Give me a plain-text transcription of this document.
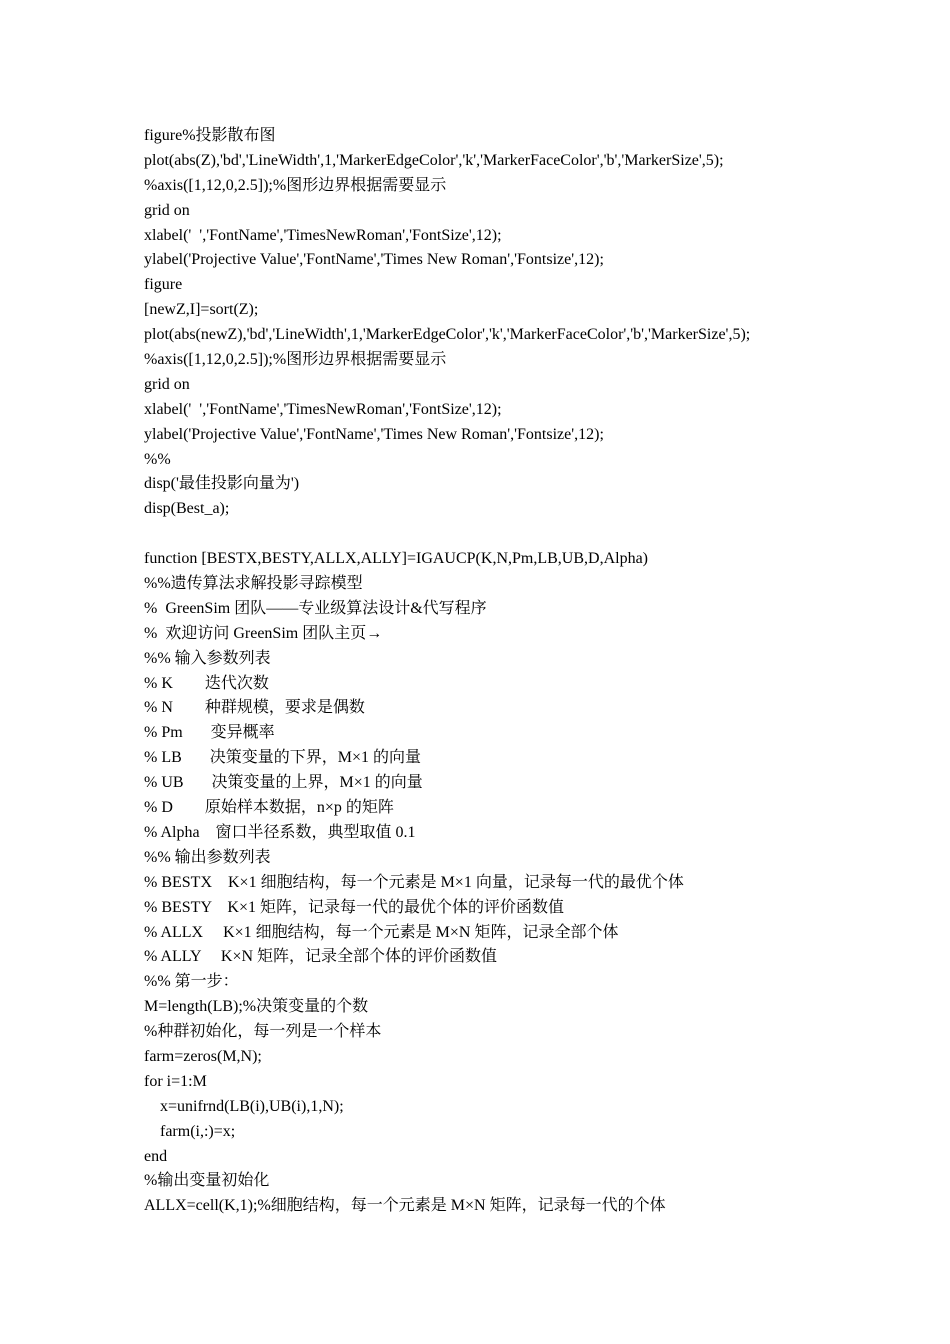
figure%投影散布图
plot(abs(Z),'bd','LineWidth',1,'MarkerEdgeColor','k','MarkerFaceColor','b','MarkerSize',5);
%axis([1,12,0,2.5]);%图形边界根据需要显示
grid on
xlabel('  ','FontName','TimesNewRoman','FontSize',12);
ylabel('Projective Value','FontName','Times New Roman','Fontsize',12);
figure
[newZ,I]=sort(Z);
plot(abs(newZ),'bd','LineWidth',1,'MarkerEdgeColor','k','MarkerFaceColor','b','MarkerSize',5);
%axis([1,12,0,2.5]);%图形边界根据需要显示
grid on
xlabel('  ','FontName','TimesNewRoman','FontSize',12);
ylabel('Projective Value','FontName','Times New Roman','Fontsize',12);
%%
disp('最佳投影向量为')
disp(Best_a);
function [BESTX,BESTY,ALLX,ALLY]=IGAUCP(K,N,Pm,LB,UB,D,Alpha)
%%遗传算法求解投影寻踪模型
%  GreenSim 团队——专业级算法设计&代写程序
%  欢迎访问 GreenSim 团队主页→
%% 输入参数列表
% K        迭代次数
% N        种群规模，要求是偶数
% Pm       变异概率
% LB       决策变量的下界，M×1 的向量
% UB       决策变量的上界，M×1 的向量
% D        原始样本数据，n×p 的矩阵
% Alpha    窗口半径系数，典型取值 0.1
%% 输出参数列表
% BESTX    K×1 细胞结构，每一个元素是 M×1 向量，记录每一代的最优个体
% BESTY    K×1 矩阵，记录每一代的最优个体的评价函数值
% ALLX     K×1 细胞结构，每一个元素是 M×N 矩阵，记录全部个体
% ALLY     K×N 矩阵，记录全部个体的评价函数值
%% 第一步：
M=length(LB);%决策变量的个数
%种群初始化，每一列是一个样本
farm=zeros(M,N);
for i=1:M
x=unifrnd(LB(i),UB(i),1,N);
farm(i,:)=x;
end
%输出变量初始化
ALLX=cell(K,1);%细胞结构，每一个元素是 M×N 矩阵，记录每一代的个体
